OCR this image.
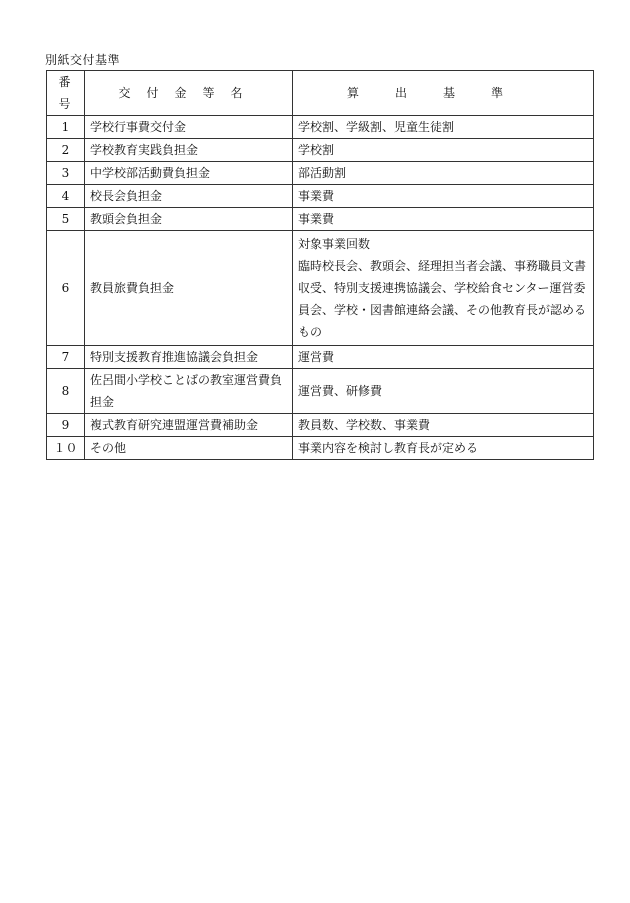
別紙交付基準
番号	交付金等名	算出基準
1	学校行事費交付金	学校割、学級割、児童生徒割
2	学校教育実践負担金	学校割
3	中学校部活動費負担金	部活動割
4	校長会負担金	事業費
5	教頭会負担金	事業費
6	教員旅費負担金	対象事業回数
臨時校長会、教頭会、経理担当者会議、事務職員文書
収受、特別支援連携協議会、学校給食センター運営委
員会、学校・図書館連絡会議、その他教育長が認める
もの

7	特別支援教育推進協議会負担金	運営費
8	佐呂間小学校ことばの教室運営費負
担金	運営費、研修費
9	複式教育研究連盟運営費補助金	教員数、学校数、事業費
１０	その他	事業内容を検討し教育長が定める
